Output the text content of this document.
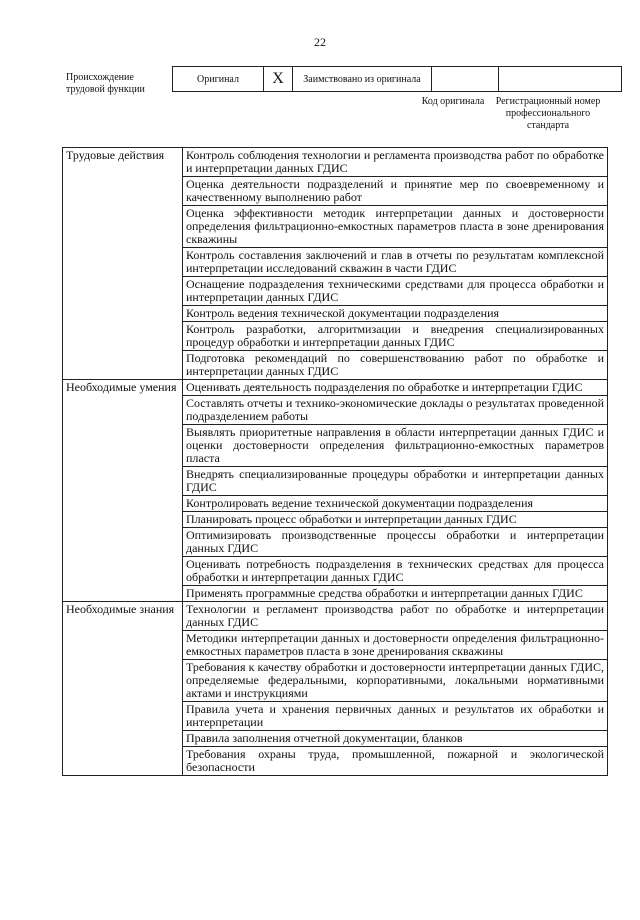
22
Происхождение трудовой функции
Оригинал	X	Заимствовано из оригинала		
Код оригинала	Регистрационный номер профессионального стандарта
Трудовые действия	Контроль соблюдения технологии и регламента производства работ по обработке и интерпретации данных ГДИС
	Оценка деятельности подразделений и принятие мер по своевременному и качественному выполнению работ
	Оценка эффективности методик интерпретации данных и достоверности определения фильтрационно-емкостных параметров пласта в зоне дренирования скважины
	Контроль составления заключений и глав в отчеты по результатам комплексной интерпретации исследований скважин в части ГДИС
	Оснащение подразделения техническими средствами для процесса обработки и интерпретации данных ГДИС
	Контроль ведения технической документации подразделения
	Контроль разработки, алгоритмизации и внедрения специализированных процедур обработки и интерпретации данных ГДИС
	Подготовка рекомендаций по совершенствованию работ по обработке и интерпретации данных ГДИС
Необходимые умения	Оценивать деятельность подразделения по обработке и интерпретации ГДИС
	Составлять отчеты и технико-экономические доклады о результатах проведенной подразделением работы
	Выявлять приоритетные направления в области интерпретации данных ГДИС и оценки достоверности определения фильтрационно-емкостных параметров пласта
	Внедрять специализированные процедуры обработки и интерпретации данных ГДИС
	Контролировать ведение технической документации подразделения
	Планировать процесс обработки и интерпретации данных ГДИС
	Оптимизировать производственные процессы обработки и интерпретации данных ГДИС
	Оценивать потребность подразделения в технических средствах для процесса обработки и интерпретации данных ГДИС
	Применять программные средства обработки и интерпретации данных ГДИС
Необходимые знания	Технологии и регламент производства работ по обработке и интерпретации данных ГДИС
	Методики интерпретации данных и достоверности определения фильтрационно-емкостных параметров пласта в зоне дренирования скважины
	Требования к качеству обработки и достоверности интерпретации данных ГДИС, определяемые федеральными, корпоративными, локальными нормативными актами и инструкциями
	Правила учета и хранения первичных данных и результатов их обработки и интерпретации
	Правила заполнения отчетной документации, бланков
	Требования охраны труда, промышленной, пожарной и экологической безопасности
